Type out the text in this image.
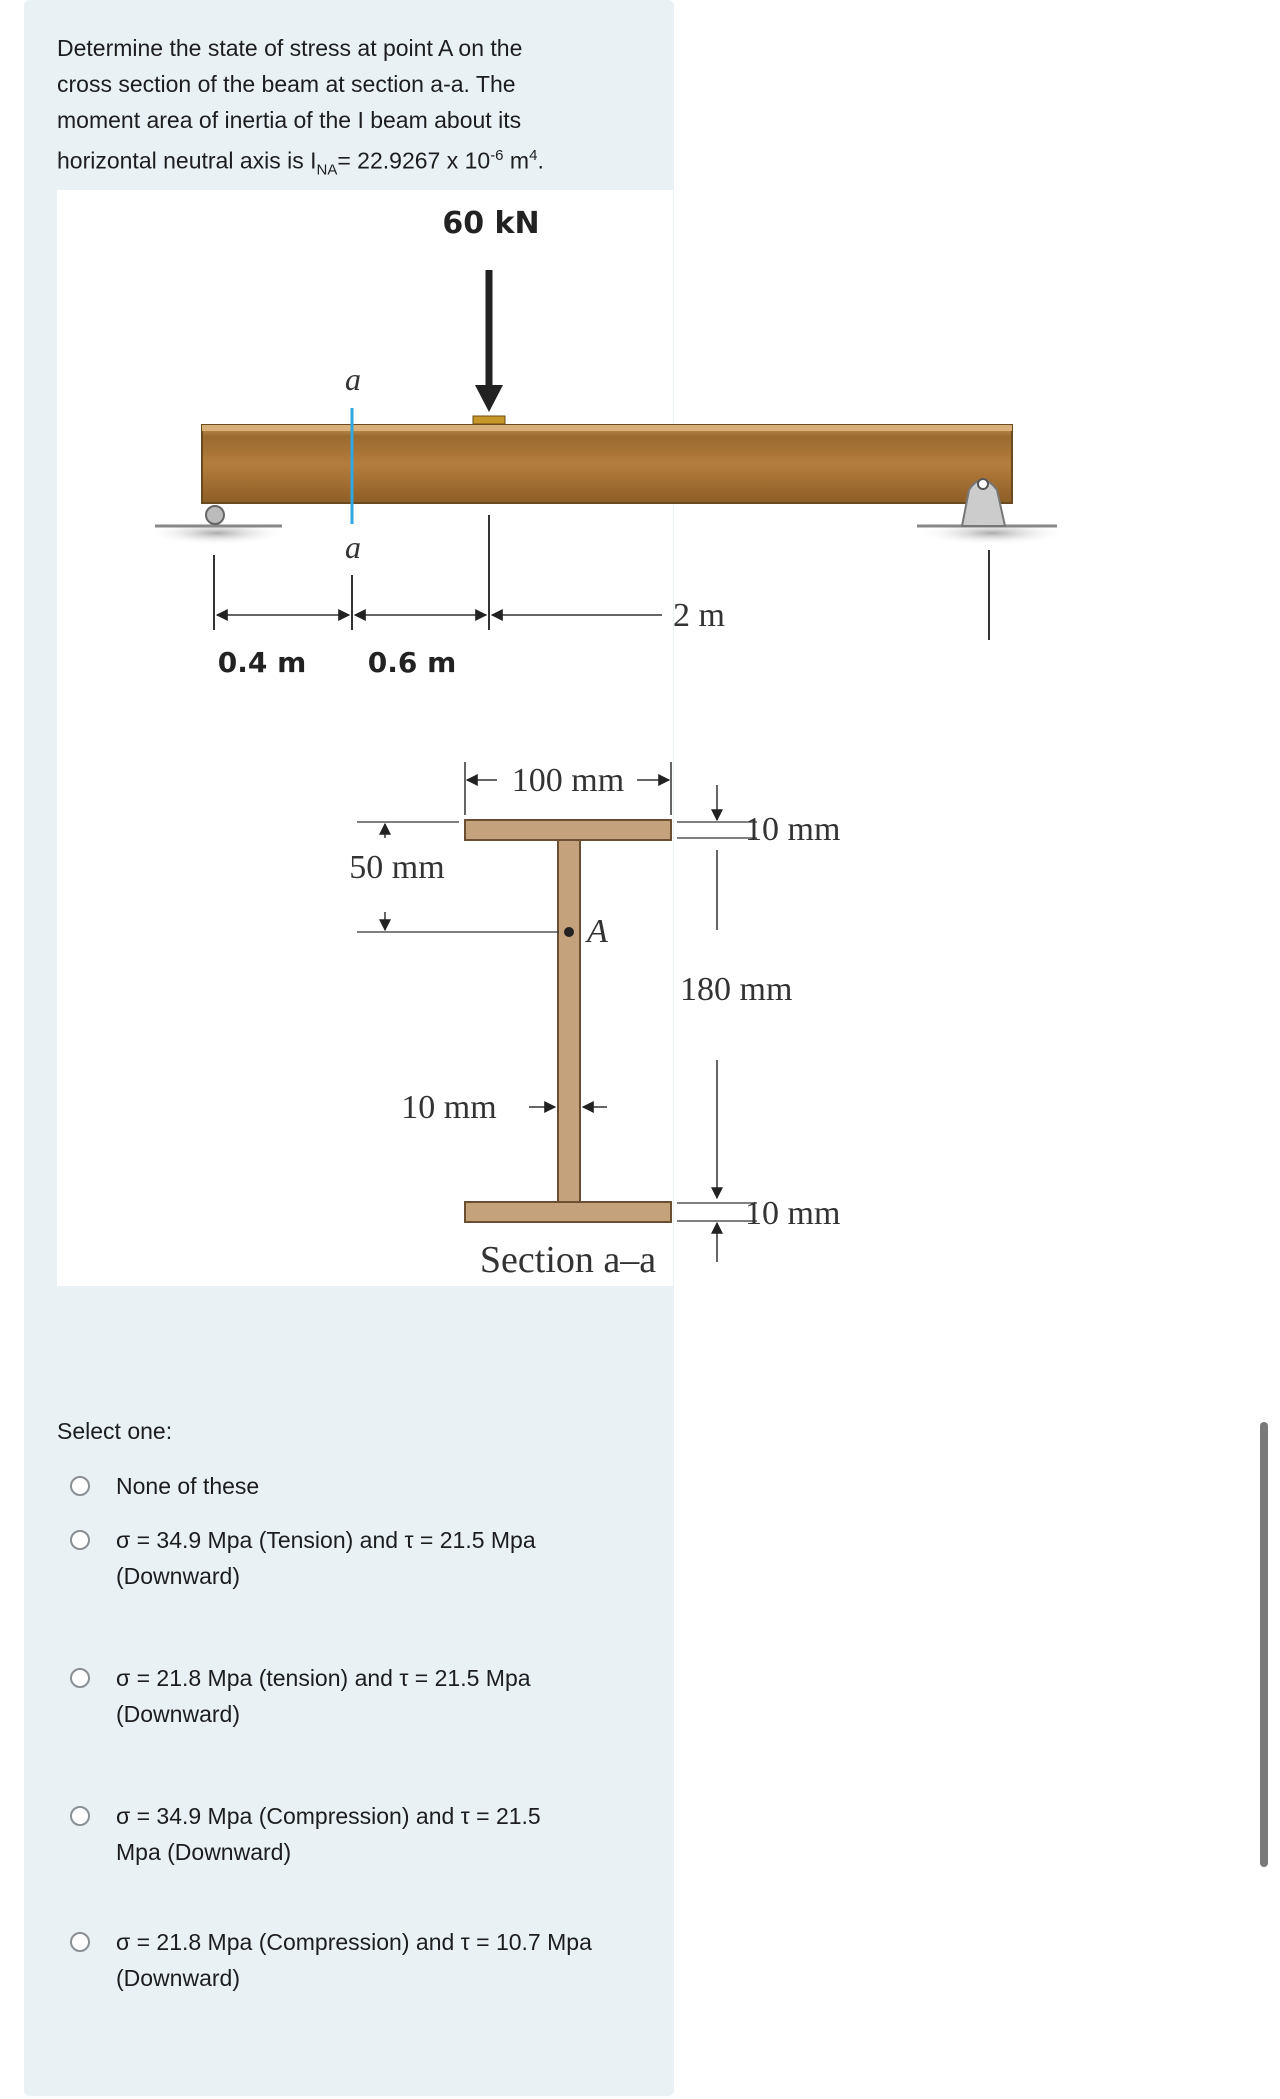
Determine the state of stress at point A on the
cross section of the beam at section a-a. The
moment area of inertia of the I beam about its
horizontal neutral axis is $I_{NA}= 22.9267$ x $10^{-6}$ $m^4$.
60 kN
a
a
2 m
0.4 m 0.6 m
100 mm
10 mm
50 mm
A
180 mm
10 mm
10 mm
Section a–a
Select one:
None of these
σ = 34.9 Mpa (Tension) and τ = 21.5 Mpa
(Downward)
σ = 21.8 Mpa (tension) and τ = 21.5 Mpa
(Downward)
σ = 34.9 Mpa (Compression) and τ = 21.5
Mpa (Downward)
σ = 21.8 Mpa (Compression) and τ = 10.7 Mpa
(Downward)
